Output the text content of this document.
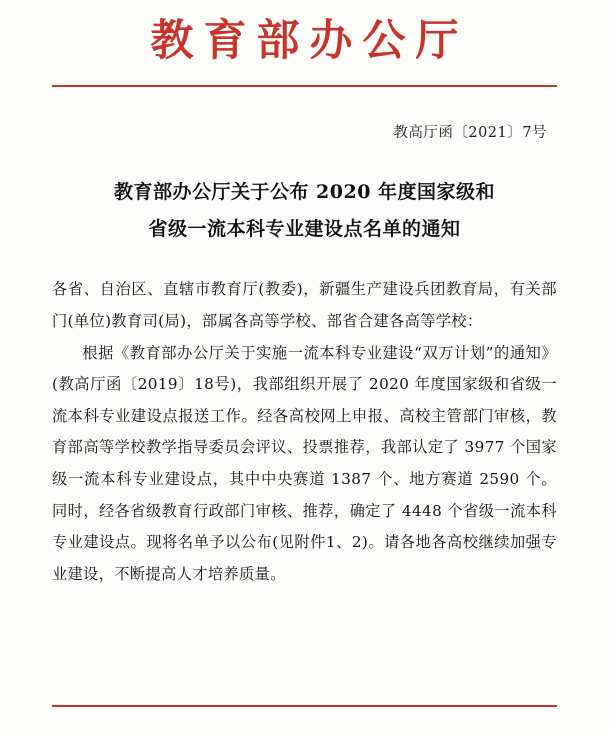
教育部办公厅
教高厅函〔2021〕7号
教育部办公厅关于公布 2020 年度国家级和
省级一流本科专业建设点名单的通知

各省、自治区、直辖市教育厅(教委)，新疆生产建设兵团教育局，有关部门(单位)教育司(局)，部属各高等学校、部省合建各高等学校：

根据《教育部办公厅关于实施一流本科专业建设“双万计划”的通知》(教高厅函〔2019〕18号)，我部组织开展了 2020 年度国家级和省级一流本科专业建设点报送工作。经各高校网上申报、高校主管部门审核，教育部高等学校教学指导委员会评议、投票推荐，我部认定了 3977 个国家级一流本科专业建设点，其中中央赛道 1387 个、地方赛道 2590 个。同时，经各省级教育行政部门审核、推荐，确定了 4448 个省级一流本科专业建设点。现将名单予以公布(见附件1、2)。请各地各高校继续加强专业建设，不断提高人才培养质量。
